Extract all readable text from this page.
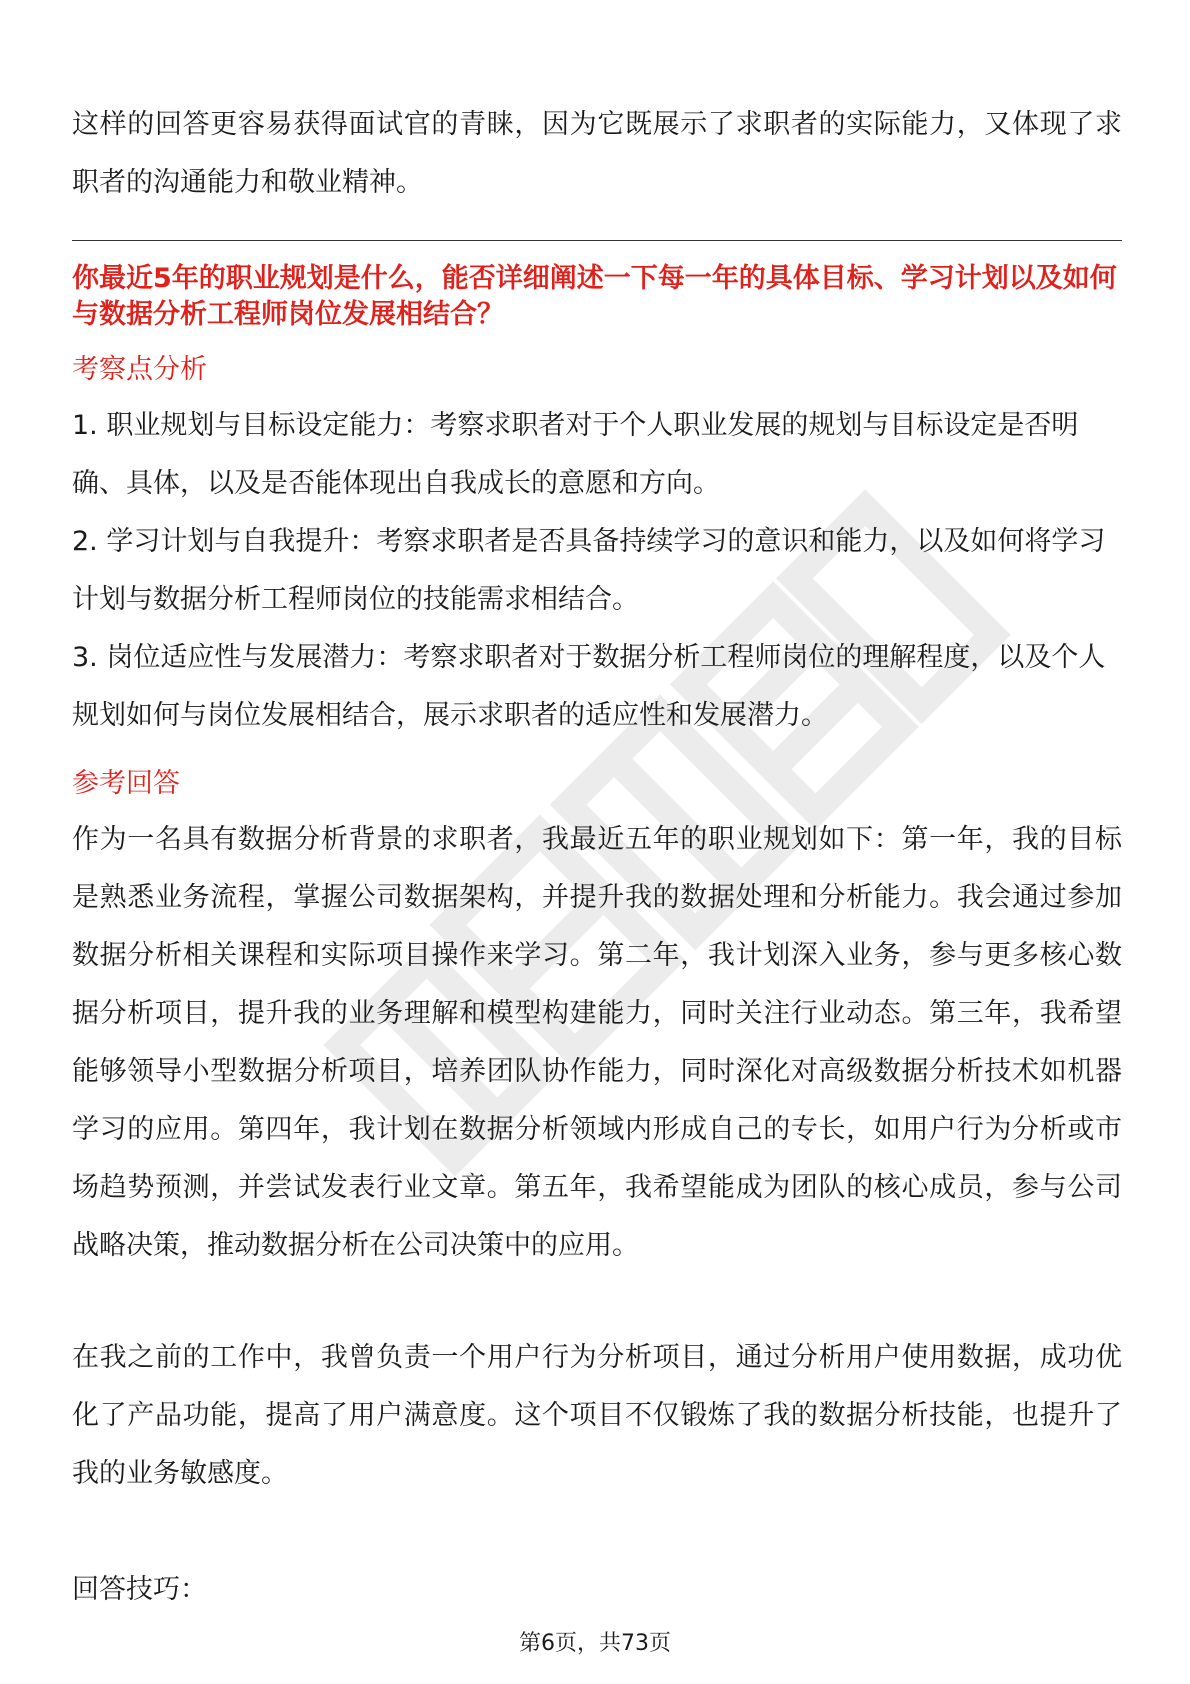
这样的回答更容易获得面试官的青睐，因为它既展示了求职者的实际能力，又体现了求职者的沟通能力和敬业精神。

你最近5年的职业规划是什么，能否详细阐述一下每一年的具体目标、学习计划以及如何与数据分析工程师岗位发展相结合？

考察点分析

1. 职业规划与目标设定能力：考察求职者对于个人职业发展的规划与目标设定是否明确、具体，以及是否能体现出自我成长的意愿和方向。

2. 学习计划与自我提升：考察求职者是否具备持续学习的意识和能力，以及如何将学习计划与数据分析工程师岗位的技能需求相结合。

3. 岗位适应性与发展潜力：考察求职者对于数据分析工程师岗位的理解程度，以及个人规划如何与岗位发展相结合，展示求职者的适应性和发展潜力。

参考回答

作为一名具有数据分析背景的求职者，我最近五年的职业规划如下：第一年，我的目标是熟悉业务流程，掌握公司数据架构，并提升我的数据处理和分析能力。我会通过参加数据分析相关课程和实际项目操作来学习。第二年，我计划深入业务，参与更多核心数据分析项目，提升我的业务理解和模型构建能力，同时关注行业动态。第三年，我希望能够领导小型数据分析项目，培养团队协作能力，同时深化对高级数据分析技术如机器学习的应用。第四年，我计划在数据分析领域内形成自己的专长，如用户行为分析或市场趋势预测，并尝试发表行业文章。第五年，我希望能成为团队的核心成员，参与公司战略决策，推动数据分析在公司决策中的应用。

在我之前的工作中，我曾负责一个用户行为分析项目，通过分析用户使用数据，成功优化了产品功能，提高了用户满意度。这个项目不仅锻炼了我的数据分析技能，也提升了我的业务敏感度。

回答技巧：

第6页，共73页
